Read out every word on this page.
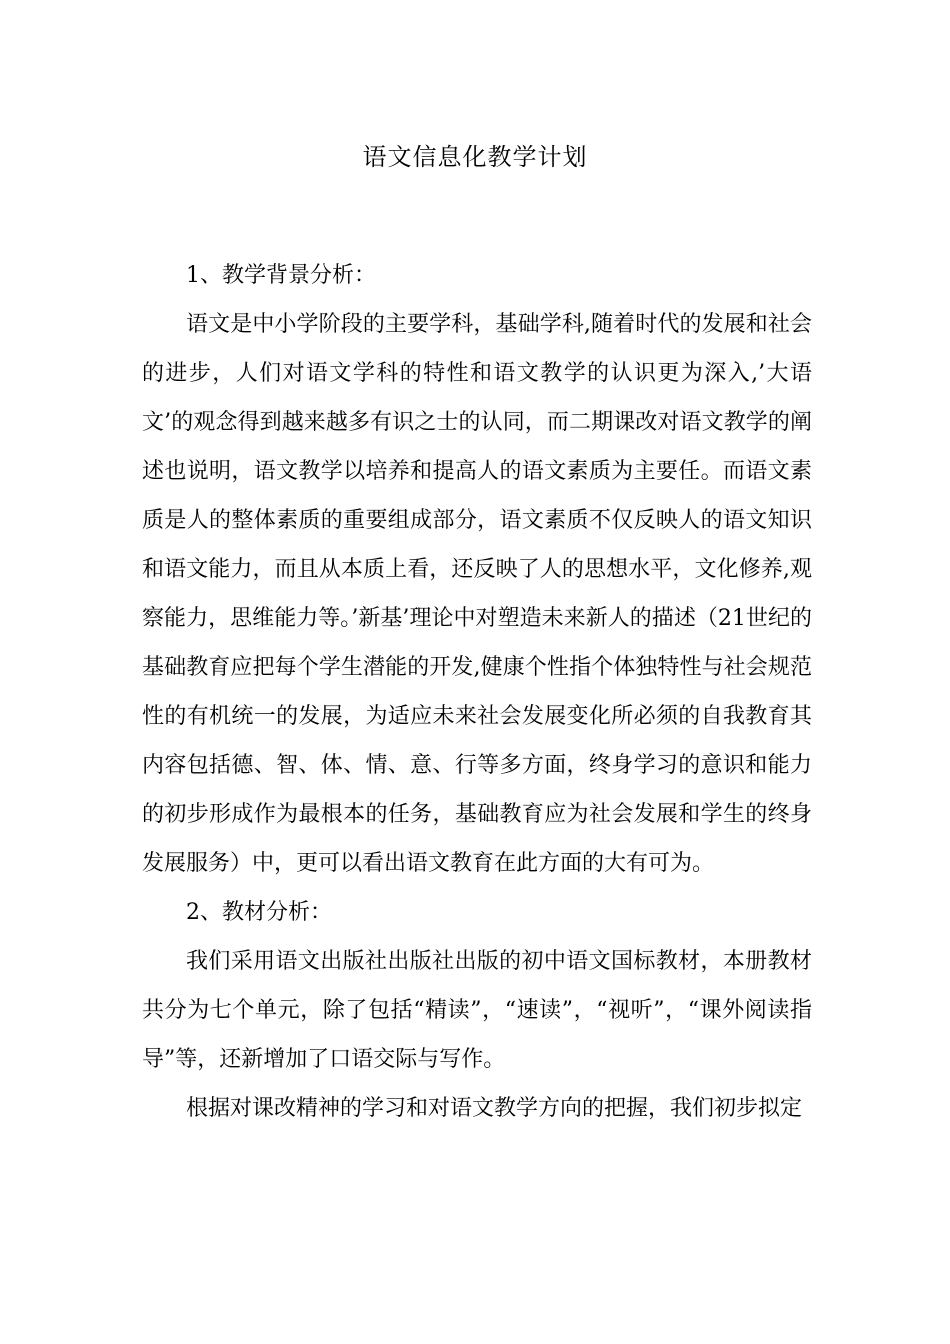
语文信息化教学计划

1、教学背景分析：

语文是中小学阶段的主要学科，基础学科,随着时代的发展和社会的进步，人们对语文学科的特性和语文教学的认识更为深入,’大语文’的观念得到越来越多有识之士的认同，而二期课改对语文教学的阐述也说明，语文教学以培养和提高人的语文素质为主要任。而语文素质是人的整体素质的重要组成部分，语文素质不仅反映人的语文知识和语文能力，而且从本质上看，还反映了人的思想水平，文化修养,观察能力，思维能力等。’新基’理论中对塑造未来新人的描述（21世纪的基础教育应把每个学生潜能的开发,健康个性指个体独特性与社会规范性的有机统一的发展，为适应未来社会发展变化所必须的自我教育其内容包括德、智、体、情、意、行等多方面，终身学习的意识和能力的初步形成作为最根本的任务，基础教育应为社会发展和学生的终身发展服务）中，更可以看出语文教育在此方面的大有可为。

2、教材分析：

我们采用语文出版社出版社出版的初中语文国标教材，本册教材共分为七个单元，除了包括“精读”，“速读”，“视听”，“课外阅读指导”等，还新增加了口语交际与写作。

根据对课改精神的学习和对语文教学方向的把握，我们初步拟定
